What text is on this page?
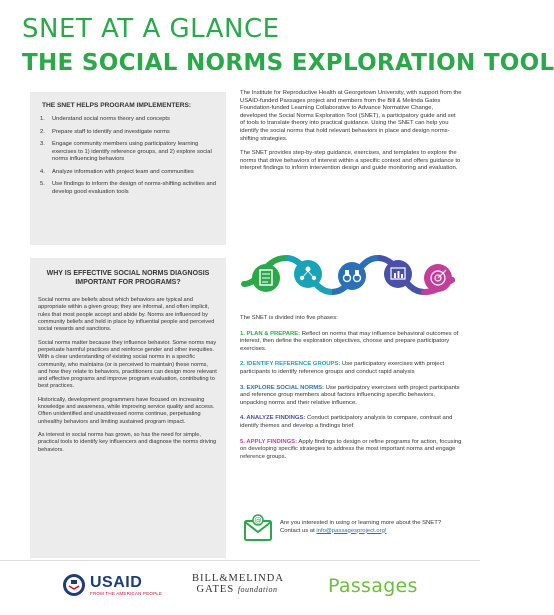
SNET AT A GLANCE
THE SOCIAL NORMS EXPLORATION TOOL
THE SNET HELPS PROGRAM IMPLEMENTERS:
1.	Understand social norms theory and concepts
2.	Prepare staff to identify and investigate norms
3.	Engage community members using participatory learning exercises to 1) identify reference groups, and 2) explore social norms influencing behaviors
4.	Analyze information with project team and communities
5.	Use findings to inform the design of norms-shifting activities and develop good evaluation tools
WHY IS EFFECTIVE SOCIAL NORMS DIAGNOSIS IMPORTANT FOR PROGRAMS?

Social norms are beliefs about which behaviors are typical and appropriate within a given group; they are informal, and often implicit, rules that most people accept and abide by. Norms are influenced by community beliefs and held in place by influential people and perceived social rewards and sanctions.

Social norms matter because they influence behavior. Some norms may perpetuate harmful practices and reinforce gender and other inequities. With a clear understanding of existing social norms in a specific community, who maintains (or is perceived to maintain) these norms, and how they relate to behaviors, practitioners can design more relevant and effective programs and improve program evaluation, contributing to best practices.

Historically, development programmers have focused on increasing knowledge and awareness, while improving service quality and access. Often unidentified and unaddressed norms continue, perpetuating unhealthy behaviors and limiting sustained program impact.

As interest in social norms has grown, so has the need for simple, practical tools to identify key influencers and diagnose the norms driving behaviors.

The Institute for Reproductive Health at Georgetown University, with support from the USAID-funded Passages project and members from the Bill & Melinda Gates Foundation-funded Learning Collaborative to Advance Normative Change, developed the Social Norms Exploration Tool (SNET), a participatory guide and set of tools to translate theory into practical guidance. Using the SNET can help you identify the social norms that hold relevant behaviors in place and design norms-shifting strategies.

The SNET provides step-by-step guidance, exercises, and templates to explore the norms that drive behaviors of interest within a specific context and offers guidance to interpret findings to inform intervention design and guide monitoring and evaluation.

The SNET is divided into five phases:

1. PLAN & PREPARE: Reflect on norms that may influence behavioral outcomes of interest, then define the exploration objectives, choose and prepare participatory exercises.

2. IDENTIFY REFERENCE GROUPS: Use participatory exercises with project participants to identify reference groups and conduct rapid analysis

3. EXPLORE SOCIAL NORMS: Use participatory exercises with project participants and reference group members about factors influencing specific behaviors, unpacking norms and their relative influence.

4. ANALYZE FINDINGS: Conduct participatory analysis to compare, contrast and identify themes and develop a findings brief

5. APPLY FINDINGS: Apply findings to design or refine programs for action, focusing on developing specific strategies to address the most important norms and engage reference groups.

@	Are you interested in using or learning more about the SNET? Contact us at info@passagesproject.org!

USAID
FROM THE AMERICAN PEOPLE
BILL&MELINDA
GATES foundation	Passages
